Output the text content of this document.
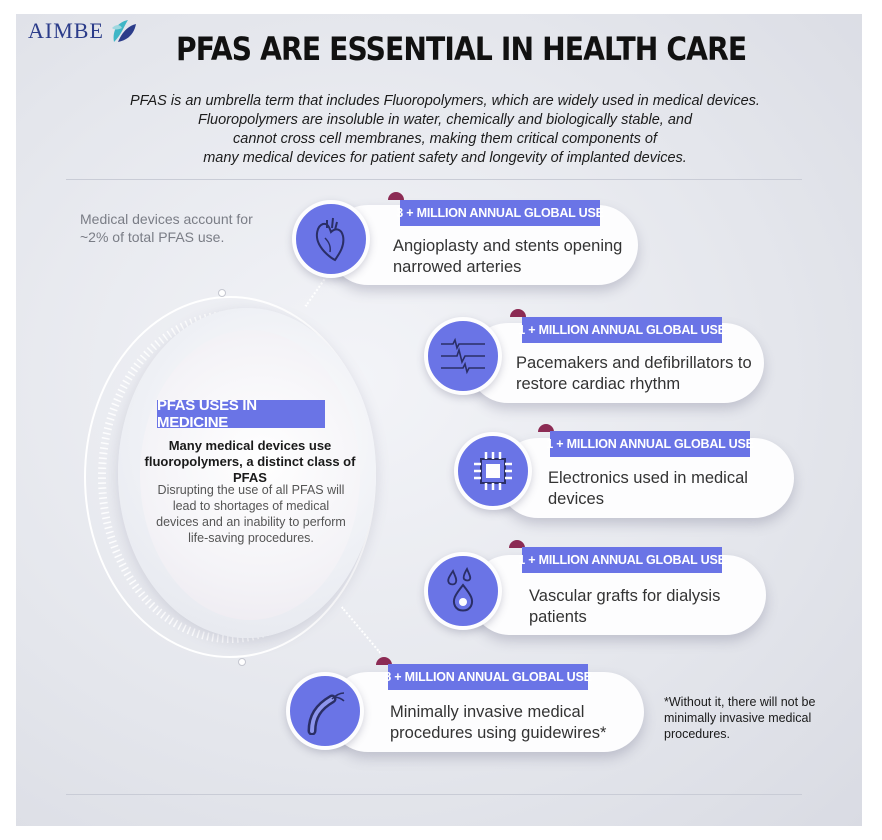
AIMBE PFAS ARE ESSENTIAL IN HEALTH CARE
PFAS is an umbrella term that includes Fluoropolymers, which are widely used in medical devices.
Fluoropolymers are insoluble in water, chemically and biologically stable, and
cannot cross cell membranes, making them critical components of
many medical devices for patient safety and longevity of implanted devices.
Medical devices account for ~2% of total PFAS use.
PFAS USES IN MEDICINE
Many medical devices use fluoropolymers, a distinct class of PFAS
Disrupting the use of all PFAS will lead to shortages of medical devices and an inability to perform life-saving procedures.
3 + MILLION ANNUAL GLOBAL USE
Angioplasty and stents opening narrowed arteries
1 + MILLION ANNUAL GLOBAL USE
Pacemakers and defibrillators to restore cardiac rhythm
1 + MILLION ANNUAL GLOBAL USE
Electronics used in medical devices
1 + MILLION ANNUAL GLOBAL USE
Vascular grafts for dialysis patients
8 + MILLION ANNUAL GLOBAL USE
Minimally invasive medical procedures using guidewires*
*Without it, there will not be minimally invasive medical procedures.
